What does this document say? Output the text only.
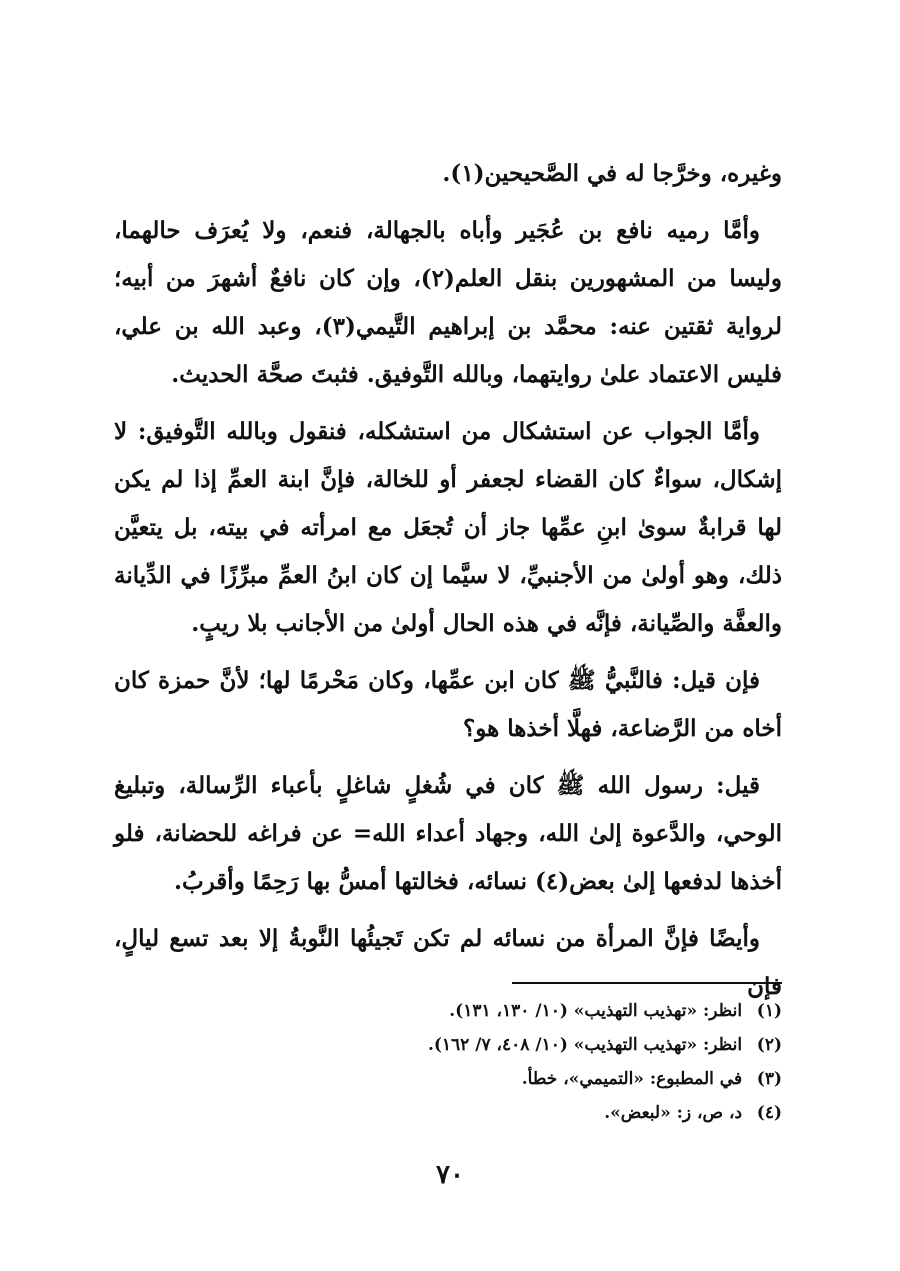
وغيره، وخرَّجا له في الصَّحيحين(١).

وأمَّا رميه نافع بن عُجَير وأباه بالجهالة، فنعم، ولا يُعرَف حالهما، وليسا من المشهورين بنقل العلم(٢)، وإن كان نافعٌ أشهرَ من أبيه؛ لرواية ثقتين عنه: محمَّد بن إبراهيم التَّيمي(٣)، وعبد الله بن علي، فليس الاعتماد علىٰ روايتهما، وبالله التَّوفيق. فثبتَ صحَّة الحديث.

وأمَّا الجواب عن استشكال من استشكله، فنقول وبالله التَّوفيق: لا إشكال، سواءٌ كان القضاء لجعفر أو للخالة، فإنَّ ابنة العمِّ إذا لم يكن لها قرابةٌ سوىٰ ابنِ عمِّها جاز أن تُجعَل مع امرأته في بيته، بل يتعيَّن ذلك، وهو أولىٰ من الأجنبيِّ، لا سيَّما إن كان ابنُ العمِّ مبرِّزًا في الدِّيانة والعفَّة والصِّيانة، فإنَّه في هذه الحال أولىٰ من الأجانب بلا ريبٍ.

فإن قيل: فالنَّبيُّ ﷺ كان ابن عمِّها، وكان مَحْرمًا لها؛ لأنَّ حمزة كان أخاه من الرَّضاعة، فهلَّا أخذها هو؟

قيل: رسول الله ﷺ كان في شُغلٍ شاغلٍ بأعباء الرِّسالة، وتبليغ الوحي، والدَّعوة إلىٰ الله، وجهاد أعداء الله= عن فراغه للحضانة، فلو أخذها لدفعها إلىٰ بعض(٤) نسائه، فخالتها أمسُّ بها رَحِمًا وأقربُ.

وأيضًا فإنَّ المرأة من نسائه لم تكن تَجيئُها النَّوبةُ إلا بعد تسع ليالٍ، فإن

(١) انظر: «تهذيب التهذيب» (١٠/ ١٣٠، ١٣١).
(٢) انظر: «تهذيب التهذيب» (١٠/ ٤٠٨، ٧/ ١٦٢).
(٣) في المطبوع: «التميمي»، خطأ.
(٤) د، ص، ز: «لبعض».
٧٠
